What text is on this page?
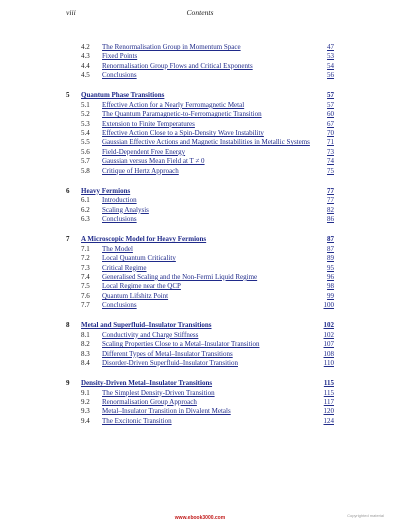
viii	Contents
4.2	The Renormalisation Group in Momentum Space	47
4.3	Fixed Points	53
4.4	Renormalisation Group Flows and Critical Exponents	54
4.5	Conclusions	56
5	Quantum Phase Transitions	57
5.1	Effective Action for a Nearly Ferromagnetic Metal	57
5.2	The Quantum Paramagnetic-to-Ferromagnetic Transition	60
5.3	Extension to Finite Temperatures	67
5.4	Effective Action Close to a Spin-Density Wave Instability	70
5.5	Gaussian Effective Actions and Magnetic Instabilities in Metallic Systems	71
5.6	Field-Dependent Free Energy	73
5.7	Gaussian versus Mean Field at T ≠ 0	74
5.8	Critique of Hertz Approach	75
6	Heavy Fermions	77
6.1	Introduction	77
6.2	Scaling Analysis	82
6.3	Conclusions	86
7	A Microscopic Model for Heavy Fermions	87
7.1	The Model	87
7.2	Local Quantum Criticality	89
7.3	Critical Regime	95
7.4	Generalised Scaling and the Non-Fermi Liquid Regime	96
7.5	Local Regime near the QCP	98
7.6	Quantum Lifshitz Point	99
7.7	Conclusions	100
8	Metal and Superfluid–Insulator Transitions	102
8.1	Conductivity and Charge Stiffness	102
8.2	Scaling Properties Close to a Metal–Insulator Transition	107
8.3	Different Types of Metal–Insulator Transitions	108
8.4	Disorder-Driven Superfluid–Insulator Transition	110
9	Density-Driven Metal–Insulator Transitions	115
9.1	The Simplest Density-Driven Transition	115
9.2	Renormalisation Group Approach	117
9.3	Metal–Insulator Transition in Divalent Metals	120
9.4	The Excitonic Transition	124
www.ebook3000.com	Copyrighted material
